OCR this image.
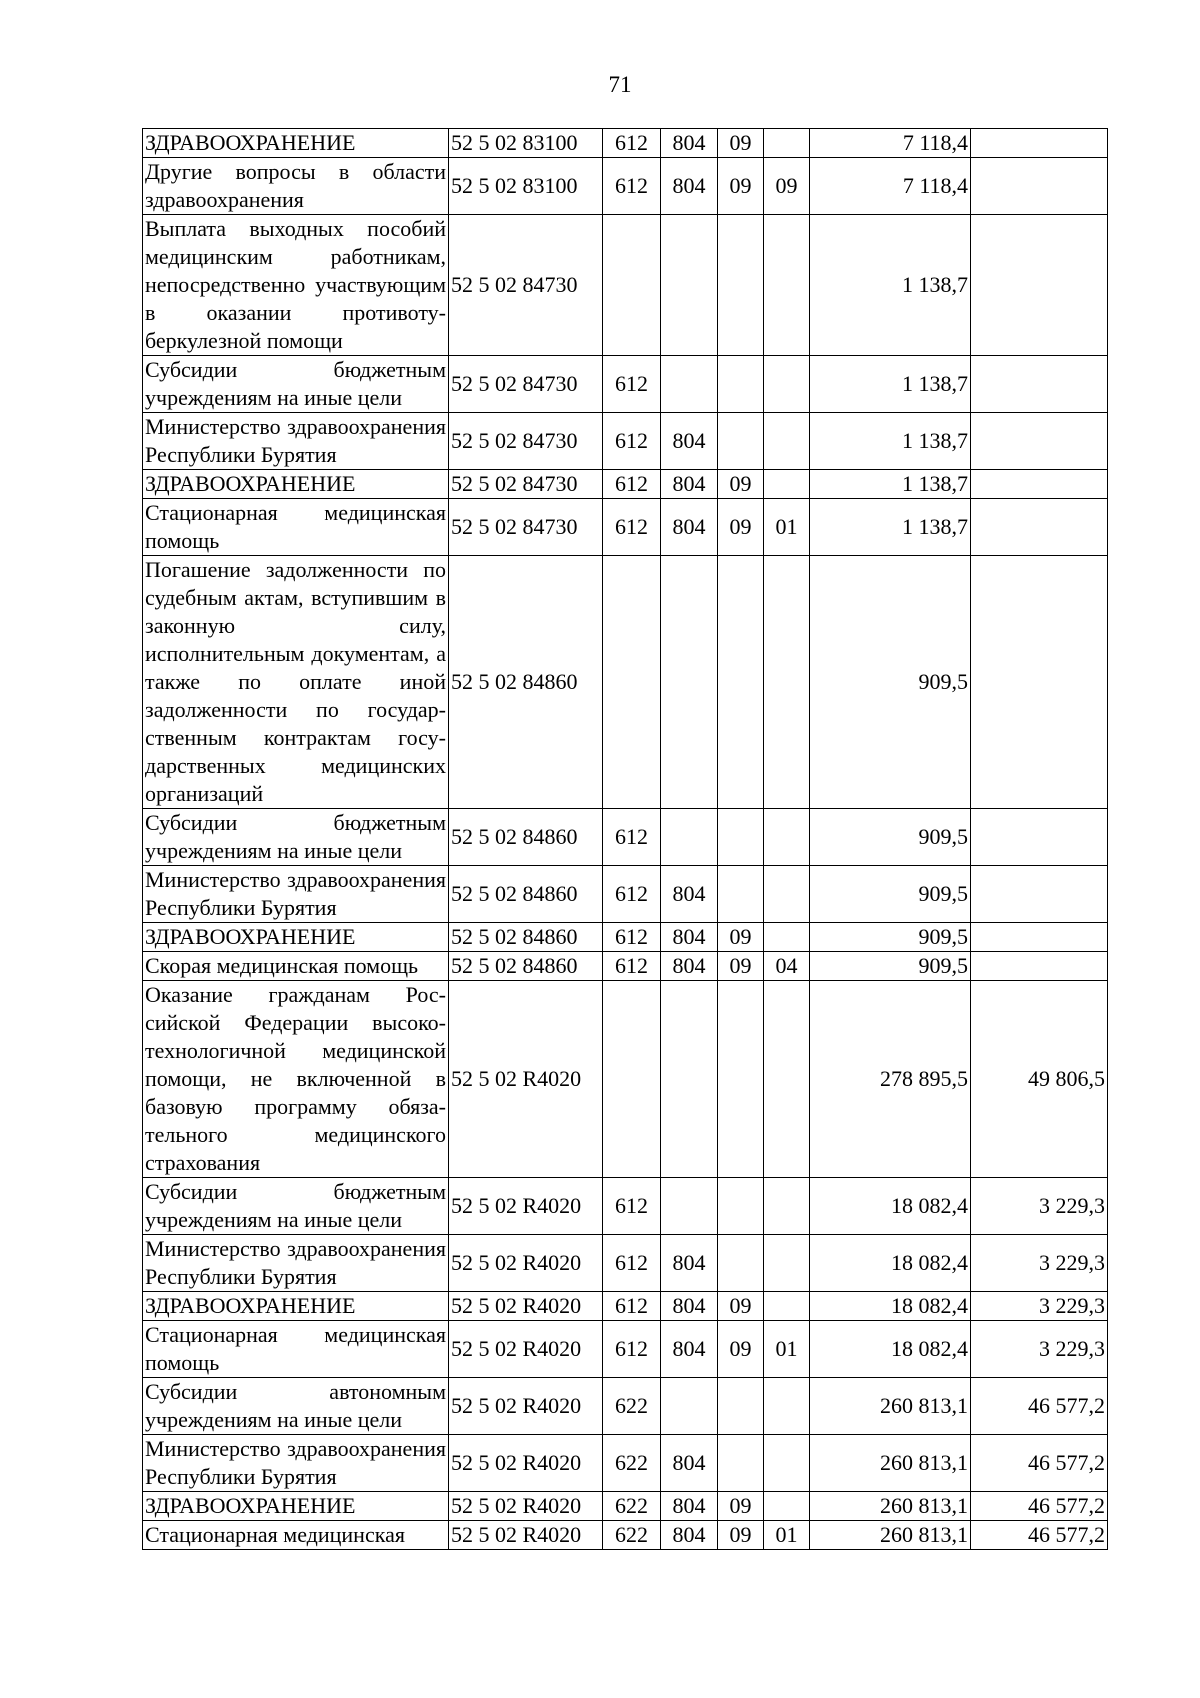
71
ЗДРАВООХРАНЕНИЕ	52 5 02 83100	612	804	09		7 118,4	
Другие вопросы в области здравоохранения	52 5 02 83100	612	804	09	09	7 118,4	
Выплата выходных пособий медицинским работникам, непосредственно участвующим в оказании противотуберкулезной помощи	52 5 02 84730					1 138,7	
Субсидии бюджетным учреждениям на иные цели	52 5 02 84730	612				1 138,7	
Министерство здравоохранения Республики Бурятия	52 5 02 84730	612	804			1 138,7	
ЗДРАВООХРАНЕНИЕ	52 5 02 84730	612	804	09		1 138,7	
Стационарная медицинская помощь	52 5 02 84730	612	804	09	01	1 138,7	
Погашение задолженности по судебным актам, вступившим в законную силу, исполнительным документам, а также по оплате иной задолженности по государственным контрактам государственных медицинских организаций	52 5 02 84860					909,5	
Субсидии бюджетным учреждениям на иные цели	52 5 02 84860	612				909,5	
Министерство здравоохранения Республики Бурятия	52 5 02 84860	612	804			909,5	
ЗДРАВООХРАНЕНИЕ	52 5 02 84860	612	804	09		909,5	
Скорая медицинская помощь	52 5 02 84860	612	804	09	04	909,5	
Оказание гражданам Российской Федерации высокотехнологичной медицинской помощи, не включенной в базовую программу обязательного медицинского страхования	52 5 02 R4020					278 895,5	49 806,5
Субсидии бюджетным учреждениям на иные цели	52 5 02 R4020	612				18 082,4	3 229,3
Министерство здравоохранения Республики Бурятия	52 5 02 R4020	612	804			18 082,4	3 229,3
ЗДРАВООХРАНЕНИЕ	52 5 02 R4020	612	804	09		18 082,4	3 229,3
Стационарная медицинская помощь	52 5 02 R4020	612	804	09	01	18 082,4	3 229,3
Субсидии автономным учреждениям на иные цели	52 5 02 R4020	622				260 813,1	46 577,2
Министерство здравоохранения Республики Бурятия	52 5 02 R4020	622	804			260 813,1	46 577,2
ЗДРАВООХРАНЕНИЕ	52 5 02 R4020	622	804	09		260 813,1	46 577,2
Стационарная медицинская	52 5 02 R4020	622	804	09	01	260 813,1	46 577,2
